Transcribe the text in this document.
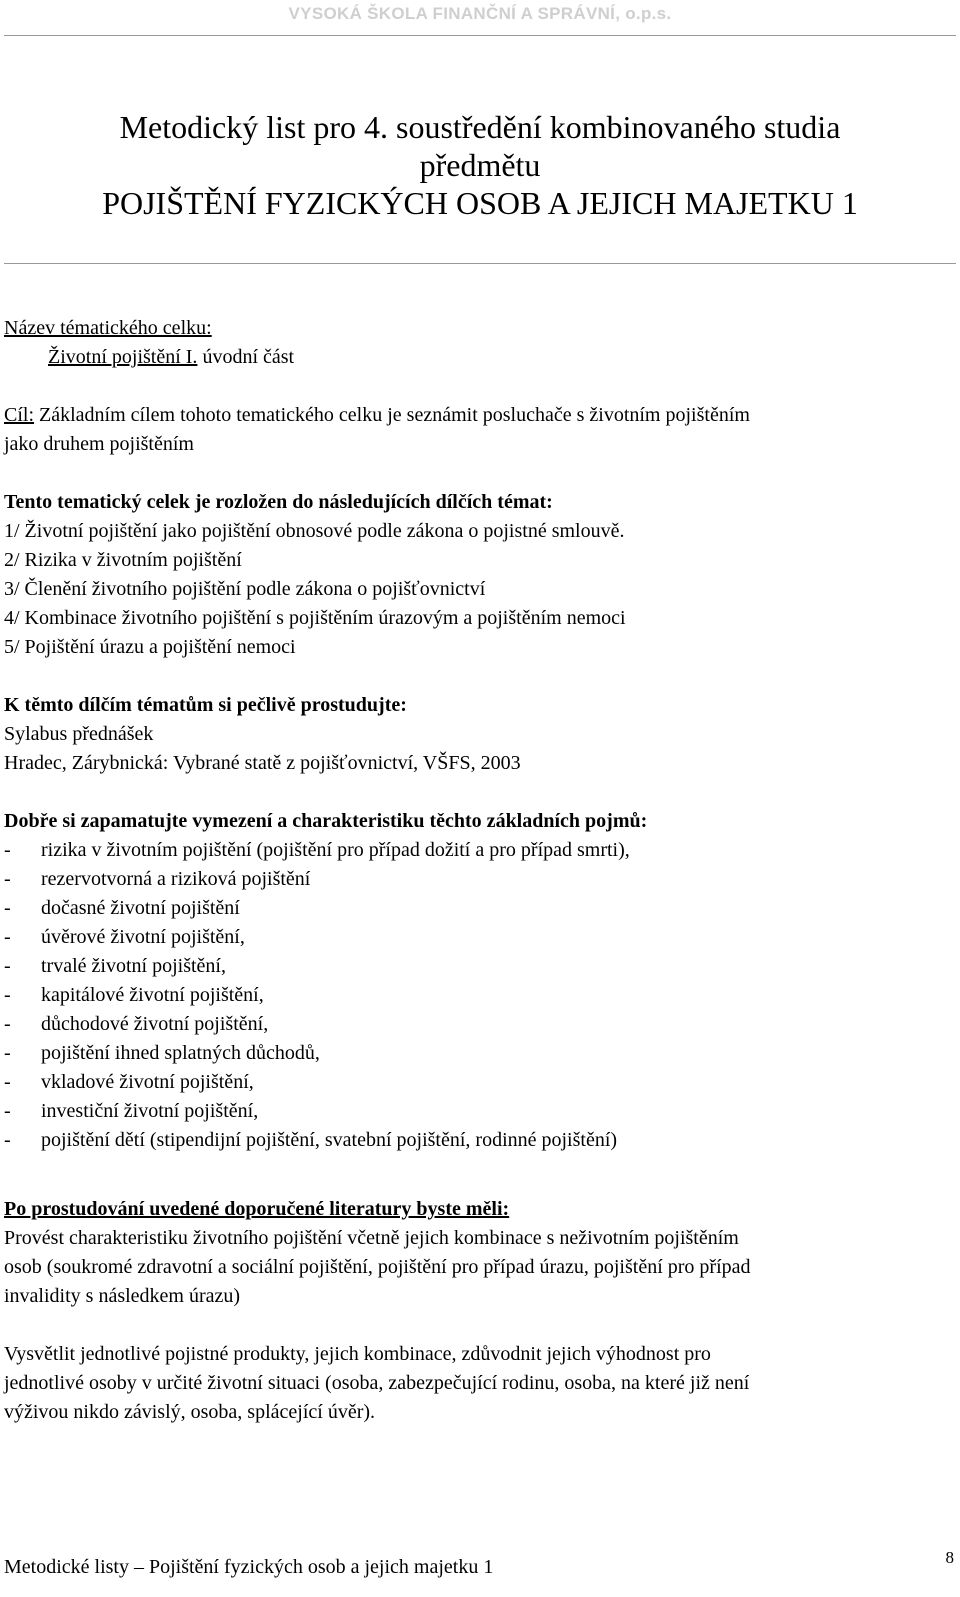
VYSOKÁ ŠKOLA FINANČNÍ A SPRÁVNÍ, o.p.s.
Metodický list pro 4. soustředění kombinovaného studia
předmětu
POJIŠTĚNÍ FYZICKÝCH OSOB A JEJICH MAJETKU 1
Název tématického celku:
Životní pojištění I. úvodní část
Cíl: Základním cílem tohoto tematického celku je seznámit posluchače s životním pojištěním
jako druhem pojištěním
Tento tematický celek je rozložen do následujících dílčích témat:
1/ Životní pojištění jako pojištění obnosové podle zákona o pojistné smlouvě.
2/ Rizika v životním pojištění
3/ Členění životního pojištění podle zákona o pojišťovnictví
4/ Kombinace životního pojištění s pojištěním úrazovým a pojištěním nemoci
5/ Pojištění úrazu a pojištění nemoci
K těmto dílčím tématům si pečlivě prostudujte:
Sylabus přednášek
Hradec, Zárybnická: Vybrané statě z pojišťovnictví, VŠFS, 2003
Dobře si zapamatujte vymezení a charakteristiku těchto základních pojmů:
- rizika v životním pojištění (pojištění pro případ dožití a pro případ smrti),
- rezervotvorná a riziková pojištění
- dočasné životní pojištění
- úvěrové životní pojištění,
- trvalé životní pojištění,
- kapitálové životní pojištění,
- důchodové životní pojištění,
- pojištění ihned splatných důchodů,
- vkladové životní pojištění,
- investiční životní pojištění,
- pojištění dětí (stipendijní pojištění, svatební pojištění, rodinné pojištění)
Po prostudování uvedené doporučené literatury byste měli:
Provést charakteristiku životního pojištění včetně jejich kombinace s neživotním pojištěním
osob (soukromé zdravotní a sociální pojištění, pojištění pro případ úrazu, pojištění pro případ
invalidity s následkem úrazu)
Vysvětlit jednotlivé pojistné produkty, jejich kombinace, zdůvodnit jejich výhodnost pro
jednotlivé osoby v určité životní situaci (osoba, zabezpečující rodinu, osoba, na které již není
výživou nikdo závislý, osoba, splácející úvěr).
Metodické listy – Pojištění fyzických osob a jejich majetku 1	8
